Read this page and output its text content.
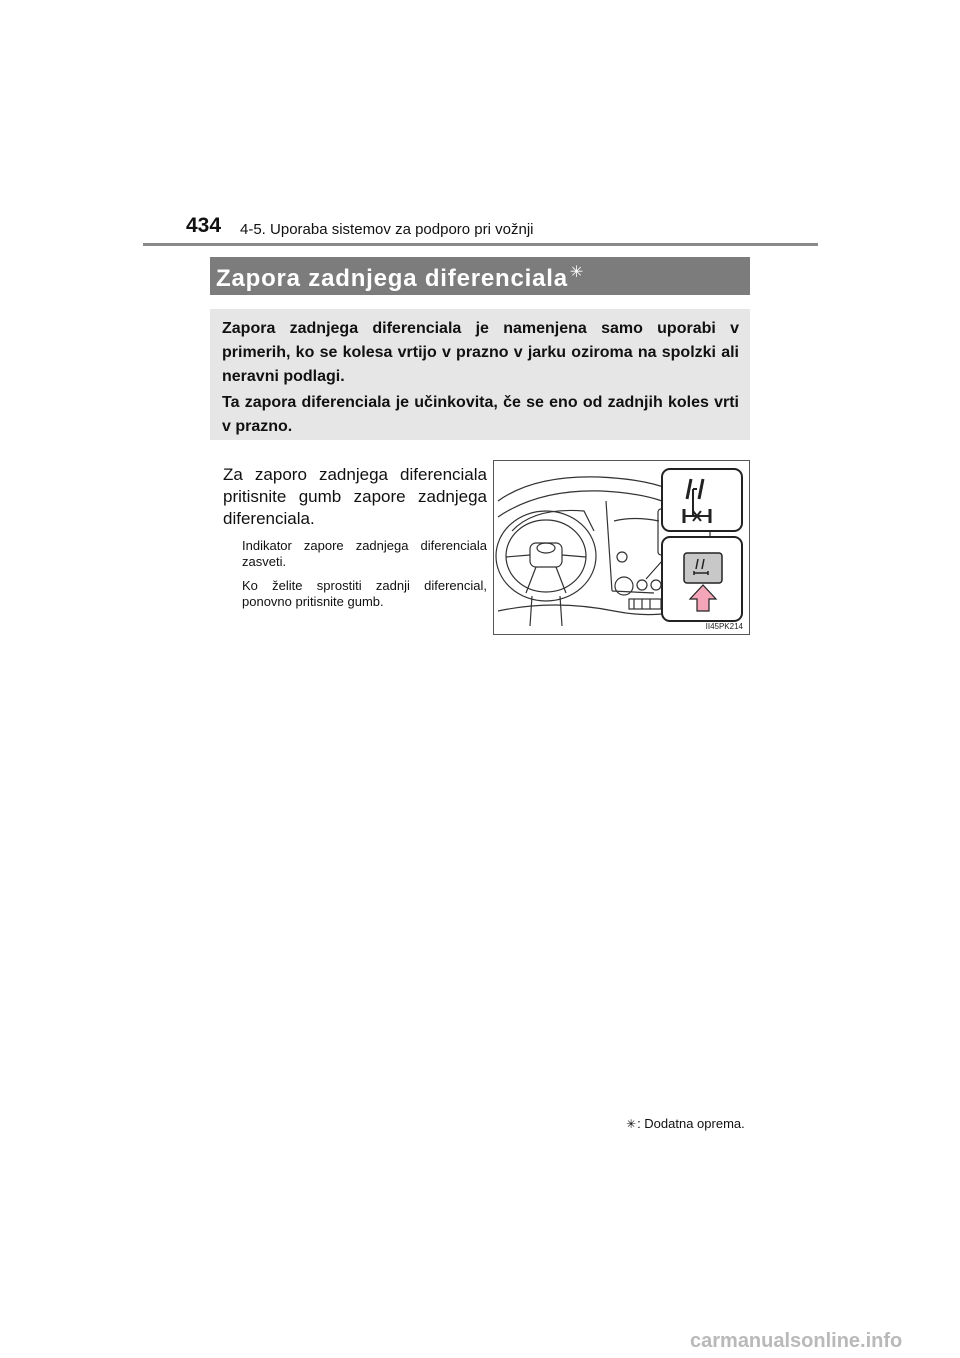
434 4-5. Uporaba sistemov za podporo pri vožnji
Zapora zadnjega diferenciala ✳

Zapora zadnjega diferenciala je namenjena samo uporabi v primerih, ko se kolesa vrtijo v prazno v jarku oziroma na spolzki ali neravni podlagi.

Ta zapora diferenciala je učinkovita, če se eno od zadnjih koles vrti v prazno.

Za zaporo zadnjega diferenciala pritisnite gumb zapore zadnjega diferenciala.

Indikator zapore zadnjega diferenciala zasveti.

Ko želite sprostiti zadnji diferencial, ponovno pritisnite gumb.

II45PK214
✳: Dodatna oprema.
carmanualsonline.info
